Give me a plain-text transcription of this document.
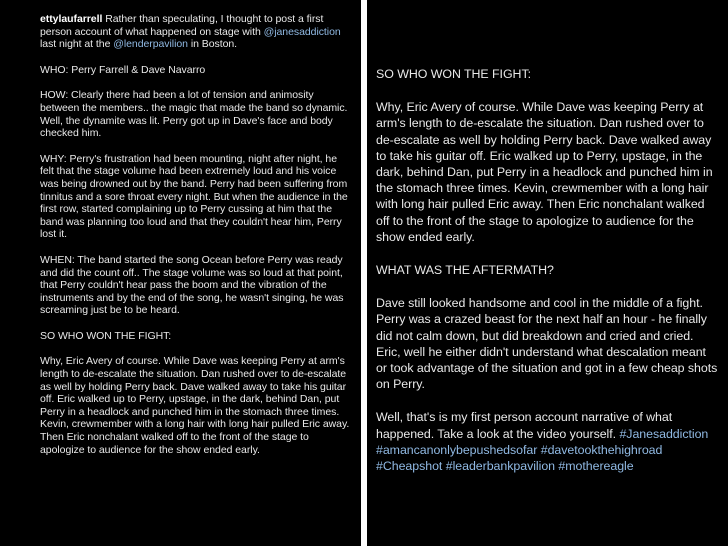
ettylaufarrell Rather than speculating, I thought to post a first person account of what happened on stage with @janesaddiction last night at the @lenderpavilion in Boston.

WHO: Perry Farrell & Dave Navarro

HOW: Clearly there had been a lot of tension and animosity between the members.. the magic that made the band so dynamic. Well, the dynamite was lit. Perry got up in Dave's face and body checked him.

WHY: Perry's frustration had been mounting, night after night, he felt that the stage volume had been extremely loud and his voice was being drowned out by the band. Perry had been suffering from tinnitus and a sore throat every night. But when the audience in the first row, started complaining up to Perry cussing at him that the band was planning too loud and that they couldn't hear him, Perry lost it.

WHEN: The band started the song Ocean before Perry was ready and did the count off.. The stage volume was so loud at that point, that Perry couldn't hear pass the boom and the vibration of the instruments and by the end of the song, he wasn't singing, he was screaming just be to be heard.

SO WHO WON THE FIGHT:

Why, Eric Avery of course. While Dave was keeping Perry at arm's length to de-escalate the situation. Dan rushed over to de-escalate as well by holding Perry back. Dave walked away to take his guitar off. Eric walked up to Perry, upstage, in the dark, behind Dan, put Perry in a headlock and punched him in the stomach three times. Kevin, crewmember with a long hair with long hair pulled Eric away. Then Eric nonchalant walked off to the front of the stage to apologize to audience for the show ended early.

SO WHO WON THE FIGHT:

Why, Eric Avery of course. While Dave was keeping Perry at arm's length to de-escalate the situation. Dan rushed over to de-escalate as well by holding Perry back. Dave walked away to take his guitar off. Eric walked up to Perry, upstage, in the dark, behind Dan, put Perry in a headlock and punched him in the stomach three times. Kevin, crewmember with a long hair with long hair pulled Eric away. Then Eric nonchalant walked off to the front of the stage to apologize to audience for the show ended early.

WHAT WAS THE AFTERMATH?

Dave still looked handsome and cool in the middle of a fight. Perry was a crazed beast for the next half an hour - he finally did not calm down, but did breakdown and cried and cried. Eric, well he either didn't understand what descalation meant or took advantage of the situation and got in a few cheap shots on Perry.

Well, that's is my first person account narrative of what happened. Take a look at the video yourself. #Janesaddiction #amancanonlybepushedsofar #davetookthehighroad #Cheapshot #leaderbankpavilion #mothereagle
